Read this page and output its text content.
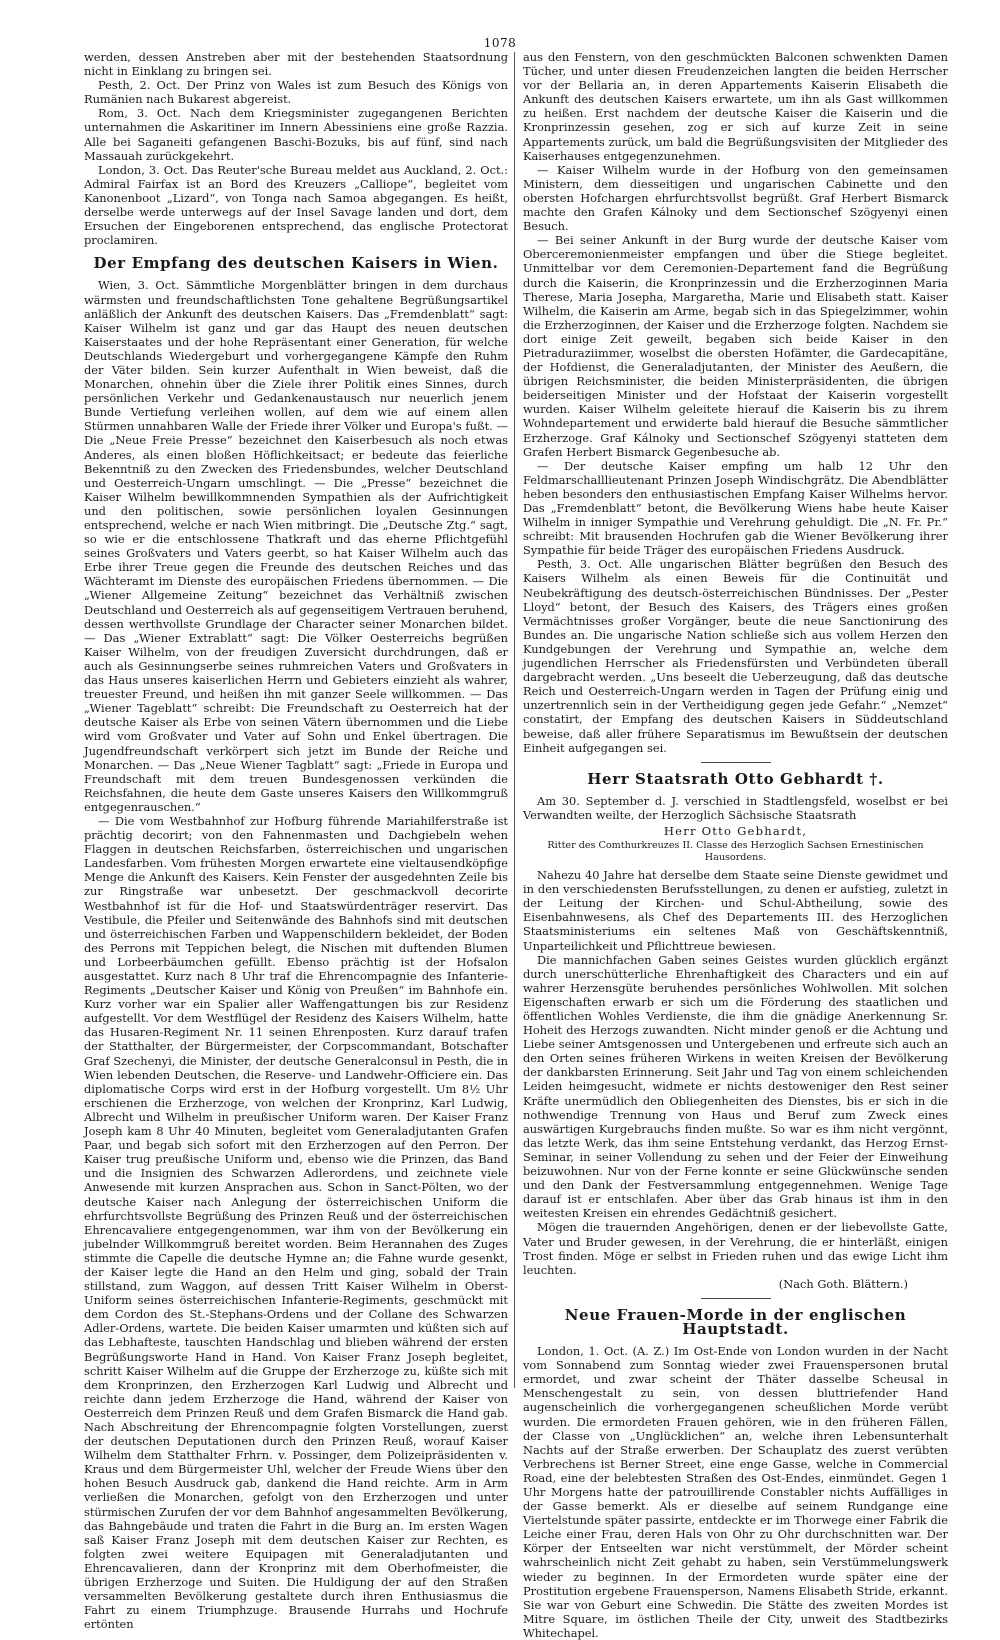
1078

werden, dessen Anstreben aber mit der bestehenden Staatsordnung nicht in Einklang zu bringen sei.

Pesth, 2. Oct. Der Prinz von Wales ist zum Besuch des Königs von Rumänien nach Bukarest abgereist.

Rom, 3. Oct. Nach dem Kriegsminister zugegangenen Berichten unternahmen die Askaritiner im Innern Abessiniens eine große Razzia. Alle bei Saganeiti gefangenen Baschi-Bozuks, bis auf fünf, sind nach Massauah zurückgekehrt.

London, 3. Oct. Das Reuter'sche Bureau meldet aus Auckland, 2. Oct.: Admiral Fairfax ist an Bord des Kreuzers „Calliope“, begleitet vom Kanonenboot „Lizard“, von Tonga nach Samoa abgegangen. Es heißt, derselbe werde unterwegs auf der Insel Savage landen und dort, dem Ersuchen der Eingeborenen entsprechend, das englische Protectorat proclamiren.

Der Empfang des deutschen Kaisers in Wien.

Wien, 3. Oct. Sämmtliche Morgenblätter bringen in dem durchaus wärmsten und freundschaftlichsten Tone gehaltene Begrüßungsartikel anläßlich der Ankunft des deutschen Kaisers. Das „Fremdenblatt“ sagt: Kaiser Wilhelm ist ganz und gar das Haupt des neuen deutschen Kaiserstaates und der hohe Repräsentant einer Generation, für welche Deutschlands Wiedergeburt und vorhergegangene Kämpfe den Ruhm der Väter bilden. Sein kurzer Aufenthalt in Wien beweist, daß die Monarchen, ohnehin über die Ziele ihrer Politik eines Sinnes, durch persönlichen Verkehr und Gedankenaustausch nur neuerlich jenem Bunde Vertiefung verleihen wollen, auf dem wie auf einem allen Stürmen unnahbaren Walle der Friede ihrer Völker und Europa's fußt. — Die „Neue Freie Presse“ bezeichnet den Kaiserbesuch als noch etwas Anderes, als einen bloßen Höflichkeitsact; er bedeute das feierliche Bekenntniß zu den Zwecken des Friedensbundes, welcher Deutschland und Oesterreich-Ungarn umschlingt. — Die „Presse“ bezeichnet die Kaiser Wilhelm bewillkommnenden Sympathien als der Aufrichtigkeit und den politischen, sowie persönlichen loyalen Gesinnungen entsprechend, welche er nach Wien mitbringt. Die „Deutsche Ztg.“ sagt, so wie er die entschlossene Thatkraft und das eherne Pflichtgefühl seines Großvaters und Vaters geerbt, so hat Kaiser Wilhelm auch das Erbe ihrer Treue gegen die Freunde des deutschen Reiches und das Wächteramt im Dienste des europäischen Friedens übernommen. — Die „Wiener Allgemeine Zeitung“ bezeichnet das Verhältniß zwischen Deutschland und Oesterreich als auf gegenseitigem Vertrauen beruhend, dessen werthvollste Grundlage der Character seiner Monarchen bildet. — Das „Wiener Extrablatt“ sagt: Die Völker Oesterreichs begrüßen Kaiser Wilhelm, von der freudigen Zuversicht durchdrungen, daß er auch als Gesinnungserbe seines ruhmreichen Vaters und Großvaters in das Haus unseres kaiserlichen Herrn und Gebieters einzieht als wahrer, treuester Freund, und heißen ihn mit ganzer Seele willkommen. — Das „Wiener Tageblatt“ schreibt: Die Freundschaft zu Oesterreich hat der deutsche Kaiser als Erbe von seinen Vätern übernommen und die Liebe wird vom Großvater und Vater auf Sohn und Enkel übertragen. Die Jugendfreundschaft verkörpert sich jetzt im Bunde der Reiche und Monarchen. — Das „Neue Wiener Tagblatt“ sagt: „Friede in Europa und Freundschaft mit dem treuen Bundesgenossen verkünden die Reichsfahnen, die heute dem Gaste unseres Kaisers den Willkommgruß entgegenrauschen.“

— Die vom Westbahnhof zur Hofburg führende Mariahilferstraße ist prächtig decorirt; von den Fahnenmasten und Dachgiebeln wehen Flaggen in deutschen Reichsfarben, österreichischen und ungarischen Landesfarben. Vom frühesten Morgen erwartete eine vieltausendköpfige Menge die Ankunft des Kaisers. Kein Fenster der ausgedehnten Zeile bis zur Ringstraße war unbesetzt. Der geschmackvoll decorirte Westbahnhof ist für die Hof- und Staatswürdenträger reservirt. Das Vestibule, die Pfeiler und Seitenwände des Bahnhofs sind mit deutschen und österreichischen Farben und Wappenschildern bekleidet, der Boden des Perrons mit Teppichen belegt, die Nischen mit duftenden Blumen und Lorbeerbäumchen gefüllt. Ebenso prächtig ist der Hofsalon ausgestattet. Kurz nach 8 Uhr traf die Ehrencompagnie des Infanterie-Regiments „Deutscher Kaiser und König von Preußen“ im Bahnhofe ein. Kurz vorher war ein Spalier aller Waffengattungen bis zur Residenz aufgestellt. Vor dem Westflügel der Residenz des Kaisers Wilhelm, hatte das Husaren-Regiment Nr. 11 seinen Ehrenposten. Kurz darauf trafen der Statthalter, der Bürgermeister, der Corpscommandant, Botschafter Graf Szechenyi, die Minister, der deutsche Generalconsul in Pesth, die in Wien lebenden Deutschen, die Reserve- und Landwehr-Officiere ein. Das diplomatische Corps wird erst in der Hofburg vorgestellt. Um 8½ Uhr erschienen die Erzherzoge, von welchen der Kronprinz, Karl Ludwig, Albrecht und Wilhelm in preußischer Uniform waren. Der Kaiser Franz Joseph kam 8 Uhr 40 Minuten, begleitet vom Generaladjutanten Grafen Paar, und begab sich sofort mit den Erzherzogen auf den Perron. Der Kaiser trug preußische Uniform und, ebenso wie die Prinzen, das Band und die Insignien des Schwarzen Adlerordens, und zeichnete viele Anwesende mit kurzen Ansprachen aus. Schon in Sanct-Pölten, wo der deutsche Kaiser nach Anlegung der österreichischen Uniform die ehrfurchtsvollste Begrüßung des Prinzen Reuß und der österreichischen Ehrencavaliere entgegengenommen, war ihm von der Bevölkerung ein jubelnder Willkommgruß bereitet worden. Beim Herannahen des Zuges stimmte die Capelle die deutsche Hymne an; die Fahne wurde gesenkt, der Kaiser legte die Hand an den Helm und ging, sobald der Train stillstand, zum Waggon, auf dessen Tritt Kaiser Wilhelm in Oberst-Uniform seines österreichischen Infanterie-Regiments, geschmückt mit dem Cordon des St.-Stephans-Ordens und der Collane des Schwarzen Adler-Ordens, wartete. Die beiden Kaiser umarmten und küßten sich auf das Lebhafteste, tauschten Handschlag und blieben während der ersten Begrüßungsworte Hand in Hand. Von Kaiser Franz Joseph begleitet, schritt Kaiser Wilhelm auf die Gruppe der Erzherzoge zu, küßte sich mit dem Kronprinzen, den Erzherzogen Karl Ludwig und Albrecht und reichte dann jedem Erzherzoge die Hand, während der Kaiser von Oesterreich dem Prinzen Reuß und dem Grafen Bismarck die Hand gab. Nach Abschreitung der Ehrencompagnie folgten Vorstellungen, zuerst der deutschen Deputationen durch den Prinzen Reuß, worauf Kaiser Wilhelm dem Statthalter Frhrn. v. Possinger, dem Polizeipräsidenten v. Kraus und dem Bürgermeister Uhl, welcher der Freude Wiens über den hohen Besuch Ausdruck gab, dankend die Hand reichte. Arm in Arm verließen die Monarchen, gefolgt von den Erzherzogen und unter stürmischen Zurufen der vor dem Bahnhof angesammelten Bevölkerung, das Bahngebäude und traten die Fahrt in die Burg an. Im ersten Wagen saß Kaiser Franz Joseph mit dem deutschen Kaiser zur Rechten, es folgten zwei weitere Equipagen mit Generaladjutanten und Ehrencavalieren, dann der Kronprinz mit dem Oberhofmeister, die übrigen Erzherzoge und Suiten. Die Huldigung der auf den Straßen versammelten Bevölkerung gestaltete durch ihren Enthusiasmus die Fahrt zu einem Triumphzuge. Brausende Hurrahs und Hochrufe ertönten

aus den Fenstern, von den geschmückten Balconen schwenkten Damen Tücher, und unter diesen Freudenzeichen langten die beiden Herrscher vor der Bellaria an, in deren Appartements Kaiserin Elisabeth die Ankunft des deutschen Kaisers erwartete, um ihn als Gast willkommen zu heißen. Erst nachdem der deutsche Kaiser die Kaiserin und die Kronprinzessin gesehen, zog er sich auf kurze Zeit in seine Appartements zurück, um bald die Begrüßungsvisiten der Mitglieder des Kaiserhauses entgegenzunehmen.

— Kaiser Wilhelm wurde in der Hofburg von den gemeinsamen Ministern, dem diesseitigen und ungarischen Cabinette und den obersten Hofchargen ehrfurchtsvollst begrüßt. Graf Herbert Bismarck machte den Grafen Kálnoky und dem Sectionschef Szögyenyi einen Besuch.

— Bei seiner Ankunft in der Burg wurde der deutsche Kaiser vom Oberceremonienmeister empfangen und über die Stiege begleitet. Unmittelbar vor dem Ceremonien-Departement fand die Begrüßung durch die Kaiserin, die Kronprinzessin und die Erzherzoginnen Maria Therese, Maria Josepha, Margaretha, Marie und Elisabeth statt. Kaiser Wilhelm, die Kaiserin am Arme, begab sich in das Spiegelzimmer, wohin die Erzherzoginnen, der Kaiser und die Erzherzoge folgten. Nachdem sie dort einige Zeit geweilt, begaben sich beide Kaiser in den Pietraduraziimmer, woselbst die obersten Hofämter, die Gardecapitäne, der Hofdienst, die Generaladjutanten, der Minister des Aeußern, die übrigen Reichsminister, die beiden Ministerpräsidenten, die übrigen beiderseitigen Minister und der Hofstaat der Kaiserin vorgestellt wurden. Kaiser Wilhelm geleitete hierauf die Kaiserin bis zu ihrem Wohndepartement und erwiderte bald hierauf die Besuche sämmtlicher Erzherzoge. Graf Kálnoky und Sectionschef Szögyenyi statteten dem Grafen Herbert Bismarck Gegenbesuche ab.

— Der deutsche Kaiser empfing um halb 12 Uhr den Feldmarschalllieutenant Prinzen Joseph Windischgrätz. Die Abendblätter heben besonders den enthusiastischen Empfang Kaiser Wilhelms hervor. Das „Fremdenblatt“ betont, die Bevölkerung Wiens habe heute Kaiser Wilhelm in inniger Sympathie und Verehrung gehuldigt. Die „N. Fr. Pr.“ schreibt: Mit brausenden Hochrufen gab die Wiener Bevölkerung ihrer Sympathie für beide Träger des europäischen Friedens Ausdruck.

Pesth, 3. Oct. Alle ungarischen Blätter begrüßen den Besuch des Kaisers Wilhelm als einen Beweis für die Continuität und Neubekräftigung des deutsch-österreichischen Bündnisses. Der „Pester Lloyd“ betont, der Besuch des Kaisers, des Trägers eines großen Vermächtnisses großer Vorgänger, beute die neue Sanctionirung des Bundes an. Die ungarische Nation schließe sich aus vollem Herzen den Kundgebungen der Verehrung und Sympathie an, welche dem jugendlichen Herrscher als Friedensfürsten und Verbündeten überall dargebracht werden. „Uns beseelt die Ueberzeugung, daß das deutsche Reich und Oesterreich-Ungarn werden in Tagen der Prüfung einig und unzertrennlich sein in der Vertheidigung gegen jede Gefahr.“ „Nemzet“ constatirt, der Empfang des deutschen Kaisers in Süddeutschland beweise, daß aller frühere Separatismus im Bewußtsein der deutschen Einheit aufgegangen sei.

Herr Staatsrath Otto Gebhardt †.

Am 30. September d. J. verschied in Stadtlengsfeld, woselbst er bei Verwandten weilte, der Herzoglich Sächsische Staatsrath

Herr Otto Gebhardt,
Ritter des Comthurkreuzes II. Classe des Herzoglich Sachsen Ernestinischen Hausordens.

Nahezu 40 Jahre hat derselbe dem Staate seine Dienste gewidmet und in den verschiedensten Berufsstellungen, zu denen er aufstieg, zuletzt in der Leitung der Kirchen- und Schul-Abtheilung, sowie des Eisenbahnwesens, als Chef des Departements III. des Herzoglichen Staatsministeriums ein seltenes Maß von Geschäftskenntniß, Unparteilichkeit und Pflichttreue bewiesen.

Die mannichfachen Gaben seines Geistes wurden glücklich ergänzt durch unerschütterliche Ehrenhaftigkeit des Characters und ein auf wahrer Herzensgüte beruhendes persönliches Wohlwollen. Mit solchen Eigenschaften erwarb er sich um die Förderung des staatlichen und öffentlichen Wohles Verdienste, die ihm die gnädige Anerkennung Sr. Hoheit des Herzogs zuwandten. Nicht minder genoß er die Achtung und Liebe seiner Amtsgenossen und Untergebenen und erfreute sich auch an den Orten seines früheren Wirkens in weiten Kreisen der Bevölkerung der dankbarsten Erinnerung. Seit Jahr und Tag von einem schleichenden Leiden heimgesucht, widmete er nichts destoweniger den Rest seiner Kräfte unermüdlich den Obliegenheiten des Dienstes, bis er sich in die nothwendige Trennung von Haus und Beruf zum Zweck eines auswärtigen Kurgebrauchs finden mußte. So war es ihm nicht vergönnt, das letzte Werk, das ihm seine Entstehung verdankt, das Herzog Ernst-Seminar, in seiner Vollendung zu sehen und der Feier der Einweihung beizuwohnen. Nur von der Ferne konnte er seine Glückwünsche senden und den Dank der Festversammlung entgegennehmen. Wenige Tage darauf ist er entschlafen. Aber über das Grab hinaus ist ihm in den weitesten Kreisen ein ehrendes Gedächtniß gesichert.

Mögen die trauernden Angehörigen, denen er der liebevollste Gatte, Vater und Bruder gewesen, in der Verehrung, die er hinterläßt, einigen Trost finden. Möge er selbst in Frieden ruhen und das ewige Licht ihm leuchten.

(Nach Goth. Blättern.)
Neue Frauen-Morde in der englischen Hauptstadt.

London, 1. Oct. (A. Z.) Im Ost-Ende von London wurden in der Nacht vom Sonnabend zum Sonntag wieder zwei Frauenspersonen brutal ermordet, und zwar scheint der Thäter dasselbe Scheusal in Menschengestalt zu sein, von dessen bluttriefender Hand augenscheinlich die vorhergegangenen scheußlichen Morde verübt wurden. Die ermordeten Frauen gehören, wie in den früheren Fällen, der Classe von „Unglücklichen“ an, welche ihren Lebensunterhalt Nachts auf der Straße erwerben. Der Schauplatz des zuerst verübten Verbrechens ist Berner Street, eine enge Gasse, welche in Commercial Road, eine der belebtesten Straßen des Ost-Endes, einmündet. Gegen 1 Uhr Morgens hatte der patrouillirende Constabler nichts Auffälliges in der Gasse bemerkt. Als er dieselbe auf seinem Rundgange eine Viertelstunde später passirte, entdeckte er im Thorwege einer Fabrik die Leiche einer Frau, deren Hals von Ohr zu Ohr durchschnitten war. Der Körper der Entseelten war nicht verstümmelt, der Mörder scheint wahrscheinlich nicht Zeit gehabt zu haben, sein Verstümmelungswerk wieder zu beginnen. In der Ermordeten wurde später eine der Prostitution ergebene Frauensperson, Namens Elisabeth Stride, erkannt. Sie war von Geburt eine Schwedin. Die Stätte des zweiten Mordes ist Mitre Square, im östlichen Theile der City, unweit des Stadtbezirks Whitechapel.
